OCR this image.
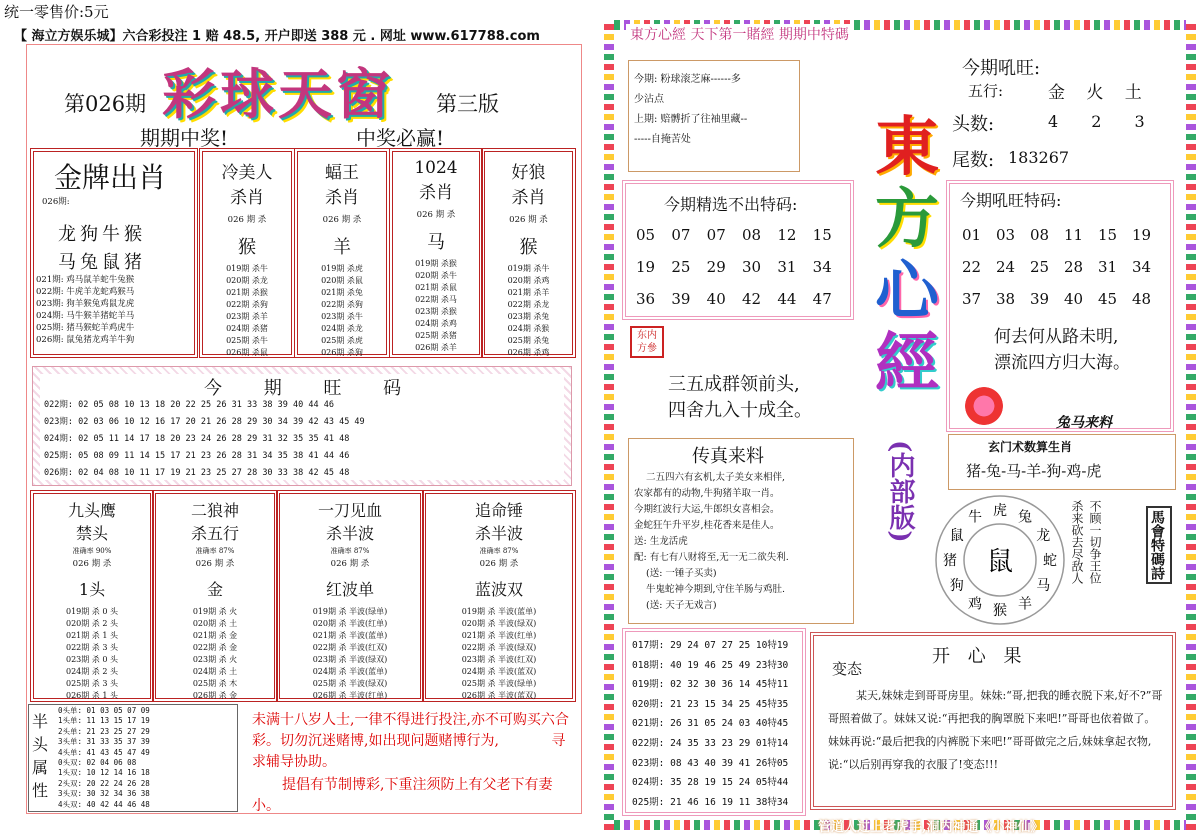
统一零售价:5元
【 海立方娱乐城】六合彩投注 1 赔 48.5, 开户即送 388 元 . 网址 www.617788.com
第026期 彩球天窗 第三版
期期中奖!	中奖必赢!
金牌出肖
026期:
龙狗牛猴
马兔鼠猪
021期: 鸡马鼠羊蛇牛兔猴
022期: 牛虎羊龙蛇鸡猴马
023期: 狗羊猴兔鸡鼠龙虎
024期: 马牛猴羊猪蛇羊马
025期: 猪马猴蛇羊鸡虎牛
026期: 鼠兔猪龙鸡羊牛狗
冷美人
杀肖
026 期 杀
猴
019期 杀牛
020期 杀龙
021期 杀猴
022期 杀狗
023期 杀羊
024期 杀猪
025期 杀牛
026期 杀鼠
蝠王
杀肖
026 期 杀
羊
019期 杀虎
020期 杀鼠
021期 杀兔
022期 杀狗
023期 杀牛
024期 杀龙
025期 杀虎
026期 杀狗
1024
杀肖
026 期 杀
马
019期 杀猴
020期 杀牛
021期 杀鼠
022期 杀马
023期 杀猴
024期 杀鸡
025期 杀猪
026期 杀羊
好狼
杀肖
026 期 杀
猴
019期 杀牛
020期 杀鸡
021期 杀羊
022期 杀龙
023期 杀兔
024期 杀猴
025期 杀兔
026期 杀鸡
今 期 旺 码
022期: 02 05 08 10 13 18 20 22 25 26 31 33 38 39 40 44 46
023期: 02 03 06 10 12 16 17 20 21 26 28 29 30 34 39 42 43 45 49
024期: 02 05 11 14 17 18 20 23 24 26 28 29 31 32 35 35 41 48
025期: 05 08 09 11 14 15 17 21 23 26 28 31 34 35 38 41 44 46
026期: 02 04 08 10 11 17 19 21 23 25 27 28 30 33 38 42 45 48
九头鹰
禁头
准确率 90%
026 期 杀
1头
019期 杀 0 头
020期 杀 2 头
021期 杀 1 头
022期 杀 3 头
023期 杀 0 头
024期 杀 2 头
025期 杀 3 头
026期 杀 1 头
二狼神
杀五行
准确率 87%
026 期 杀
金
019期 杀 火
020期 杀 土
021期 杀 金
022期 杀 金
023期 杀 火
024期 杀 土
025期 杀 木
026期 杀 金
一刀见血
杀半波
准确率 87%
026 期 杀
红波单
019期 杀 半波(绿单)
020期 杀 半波(红单)
021期 杀 半波(蓝单)
022期 杀 半波(红双)
023期 杀 半波(绿双)
024期 杀 半波(蓝单)
025期 杀 半波(绿双)
026期 杀 半波(红单)
追命锤
杀半波
准确率 87%
026 期 杀
蓝波双
019期 杀 半波(蓝单)
020期 杀 半波(绿双)
021期 杀 半波(红单)
022期 杀 半波(绿双)
023期 杀 半波(红双)
024期 杀 半波(蓝双)
025期 杀 半波(绿单)
026期 杀 半波(蓝双)
半
头
属
性
0头单: 01 03 05 07 09
1头单: 11 13 15 17 19
2头单: 21 23 25 27 29
3头单: 31 33 35 37 39
4头单: 41 43 45 47 49
0头双: 02 04 06 08
1头双: 10 12 14 16 18
2头双: 20 22 24 26 28
3头双: 30 32 34 36 38
4头双: 40 42 44 46 48
未满十八岁人士,一律不得进行投注,亦不可购买六合彩。切勿沉迷赌博,如出现问题赌博行为,	寻求辅导协助。
提倡有节制博彩,下重注须防上有父老下有妻小。
東方心經 天下第一賭經 期期中特碼
今期: 粉球滚芝麻------多
少沾点
上期: 赔髆折了往袖里藏--
-----自掩苦处	東
方
心
經
(内部版)
今期吼旺:
五行:	金 火 土
头数:	4 2 3
尾数: 183267
今期精选不出特码:
05	07	07	08	12	15
19	25	29	30	31	34
36	39	40	42	44	47
今期吼旺特码:
01 03 08 11 15 19
22 24 25 28 31 34
37 38 39 40 45 48
何去何从路未明,
漂流四方归大海。
兔马来料
东内方參
三五成群领前头,
四舍九入十成全。
玄门术数算生肖
猪-兔-马-羊-狗-鸡-虎
传真来料
二五四六有玄机,太子美女来相伴,
农家都有的动物,牛狗猪羊取一肖。
今期红波行大运,牛郎织女喜相会。
金蛇狂午升平岁,桂花香来是佳人。
送: 生龙活虎
配: 有七有八财将至,无一无二欲失利.
(送: 一锤子买卖)
牛鬼蛇神今期到,守住羊肠与鸡肚.
(送: 天子无戏言)
鼠
虎 兔
龙
蛇
马
羊
猴
鸡
狗
猪
鼠
牛	杀来砍去尽敌人 不顾一切争王位	馬會特碼詩
017期: 29 24 07 27 25 10特19
018期: 40 19 46 25 49 23特30
019期: 02 32 30 36 14 45特11
020期: 21 23 15 34 25 45特35
021期: 26 31 05 24 03 40特45
022期: 24 35 33 23 29 01特14
023期: 08 43 40 39 41 26特05
024期: 35 28 19 15 24 05特44
025期: 21 46 16 19 11 38特34
开 心 果
变态
某天,妹妹走到哥哥房里。妹妹:“哥,把我的睡衣脱下来,好不?”哥哥照着做了。妹妹又说:“再把我的胸罩脱下来吧!”哥哥也依着做了。妹妹再说:“最后把我的内裤脱下来吧!”哥哥做完之后,妹妹拿起衣物,说:“以后别再穿我的衣服了!变态!!!
管道人过上老虎手,洞内神通《小神仙》
